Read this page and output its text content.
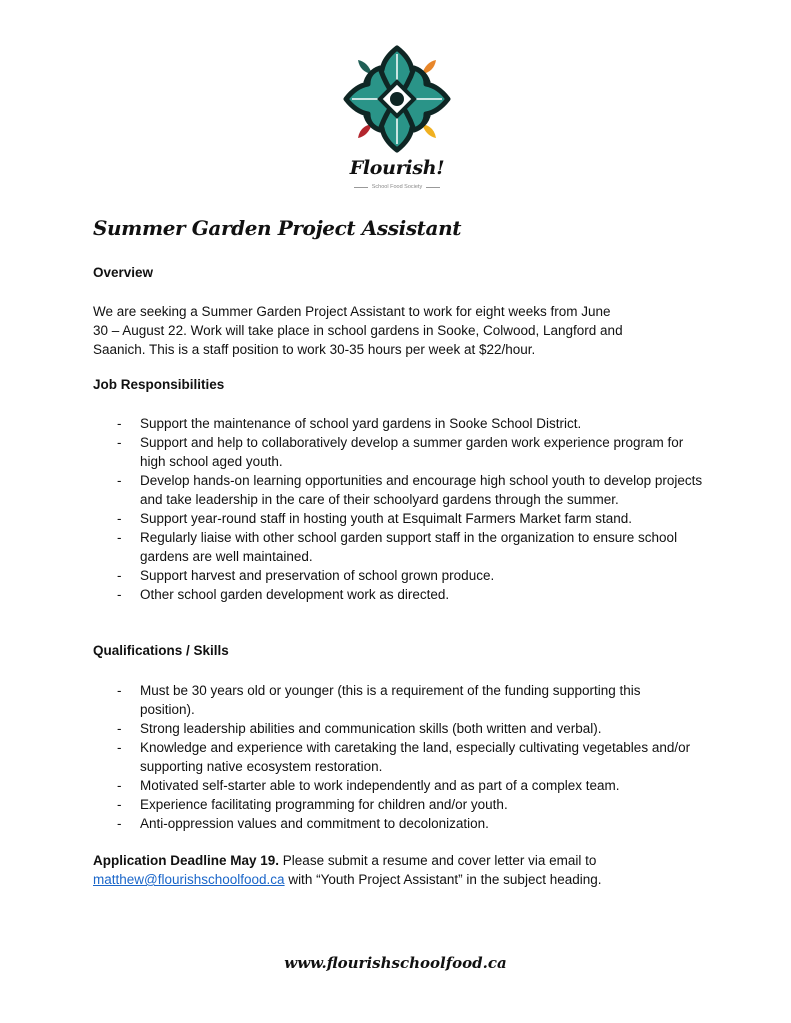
Flourish!
School Food Society
Summer Garden Project Assistant
Overview
We are seeking a Summer Garden Project Assistant to work for eight weeks from June
30 – August 22. Work will take place in school gardens in Sooke, Colwood, Langford and
Saanich. This is a staff position to work 30-35 hours per week at $22/hour.
Job Responsibilities
- Support the maintenance of school yard gardens in Sooke School District.
- Support and help to collaboratively develop a summer garden work experience program for high school aged youth.
- Develop hands-on learning opportunities and encourage high school youth to develop projects and take leadership in the care of their schoolyard gardens through the summer.
- Support year-round staff in hosting youth at Esquimalt Farmers Market farm stand.
- Regularly liaise with other school garden support staff in the organization to ensure school gardens are well maintained.
- Support harvest and preservation of school grown produce.
- Other school garden development work as directed.
Qualifications / Skills
- Must be 30 years old or younger (this is a requirement of the funding supporting this position).
- Strong leadership abilities and communication skills (both written and verbal).
- Knowledge and experience with caretaking the land, especially cultivating vegetables and/or supporting native ecosystem restoration.
- Motivated self-starter able to work independently and as part of a complex team.
- Experience facilitating programming for children and/or youth.
- Anti-oppression values and commitment to decolonization.
Application Deadline May 19. Please submit a resume and cover letter via email to
matthew@flourishschoolfood.ca with “Youth Project Assistant” in the subject heading.
www.flourishschoolfood.ca
